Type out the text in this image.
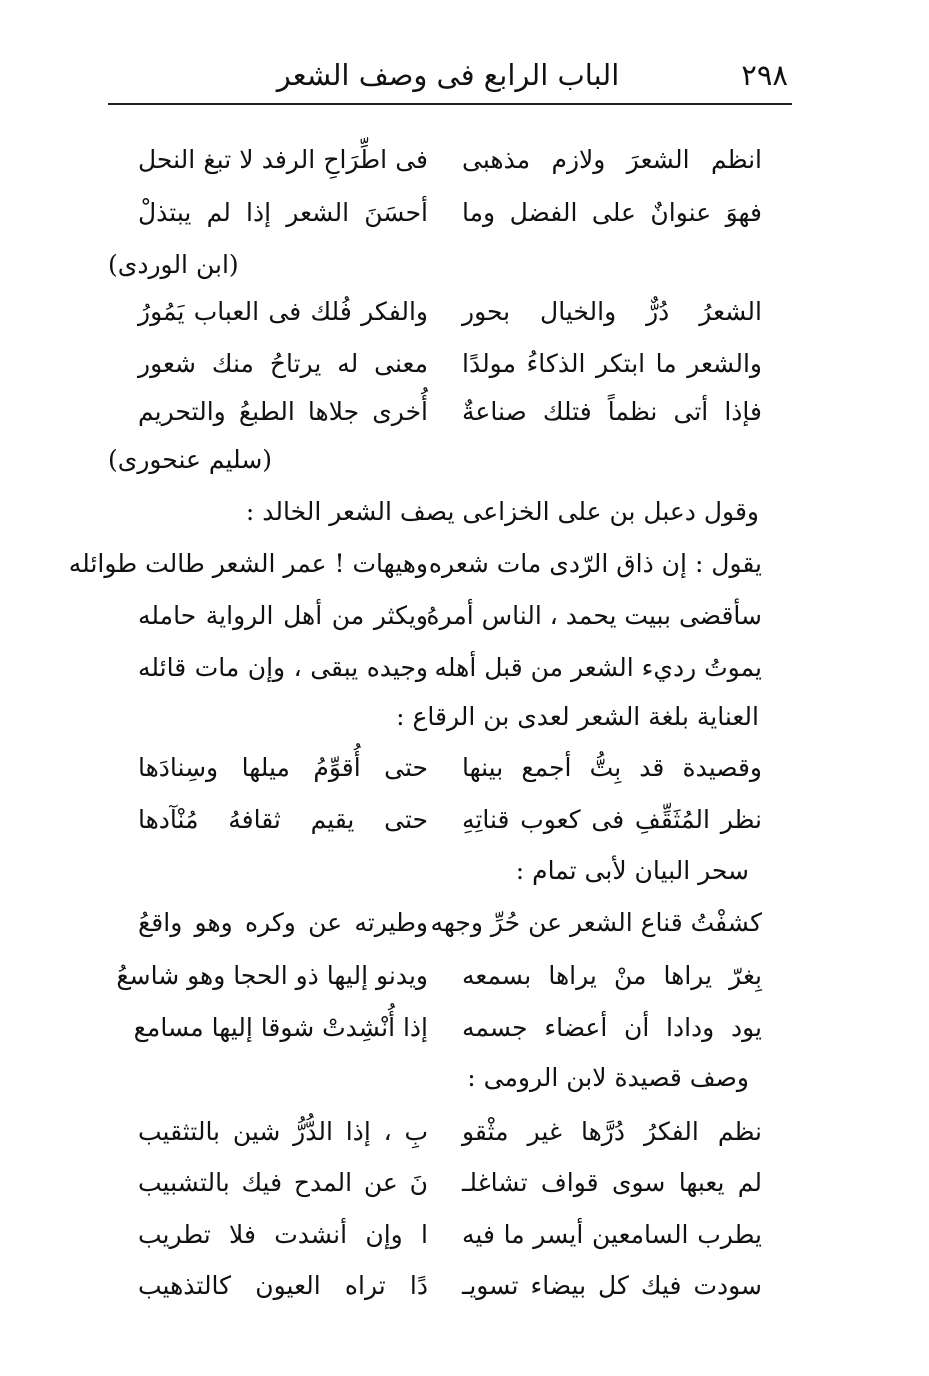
٢٩٨
الباب الرابع فى وصف الشعر
انظم الشعرَ ولازم مذهبى
فى اطِّرَاحِ الرفد لا تبغ النحل
فهوَ عنوانٌ على الفضل وما
أحسَنَ الشعر إذا لم يبتذلْ
(ابن الوردى)
الشعرُ دُرٌّ والخيال بحور
والفكر فُلك فى العباب يَمُورُ
والشعر ما ابتكر الذكاءُ مولدًا
معنى له يرتاحُ منك شعور
فإذا أتى نظماً فتلك صناعةٌ
أُخرى جلاها الطبعُ والتحريم
(سليم عنحورى)
وقول دعبل بن على الخزاعى يصف الشعر الخالد :
يقول : إن ذاق الرّدى مات شعره
وهيهات ! عمر الشعر طالت طوائله
سأقضى ببيت يحمد ، الناس أمرهُ
ويكثر من أهل الرواية حامله
يموتُ رديء الشعر من قبل أهله
وجيده يبقى ، وإن مات قائله
العناية بلغة الشعر لعدى بن الرقاع :
وقصيدة قد بِتُّ أجمع بينها
حتى أُقوِّمُ ميلها وسِنادَها
نظر المُثَقِّفِ فى كعوب قناتِهِ
حتى يقيم ثقافهُ مُنْآدها
سحر البيان لأبى تمام :
كشفْتُ قناع الشعر عن حُرِّ وجهه
وطيرته عن وكره وهو واقعُ
بِغرّ يراها منْ يراها بسمعه
ويدنو إليها ذو الحجا وهو شاسعُ
يود ودادا أن أعضاء جسمه
إذا أُنْشِدتْ شوقا إليها مسامع
وصف قصيدة لابن الرومى :
نظم الفكرُ دُرَّها غير مثْقو
بِ ، إذا الدُّرُّ شين بالتثقيب
لم يعبها سوى قواف تشاغلـ
نَ عن المدح فيك بالتشبيب
يطرب السامعين أيسر ما فيه
ا وإن أنشدت فلا تطريب
سودت فيك كل بيضاء تسويـ
دًا تراه العيون كالتذهيب
